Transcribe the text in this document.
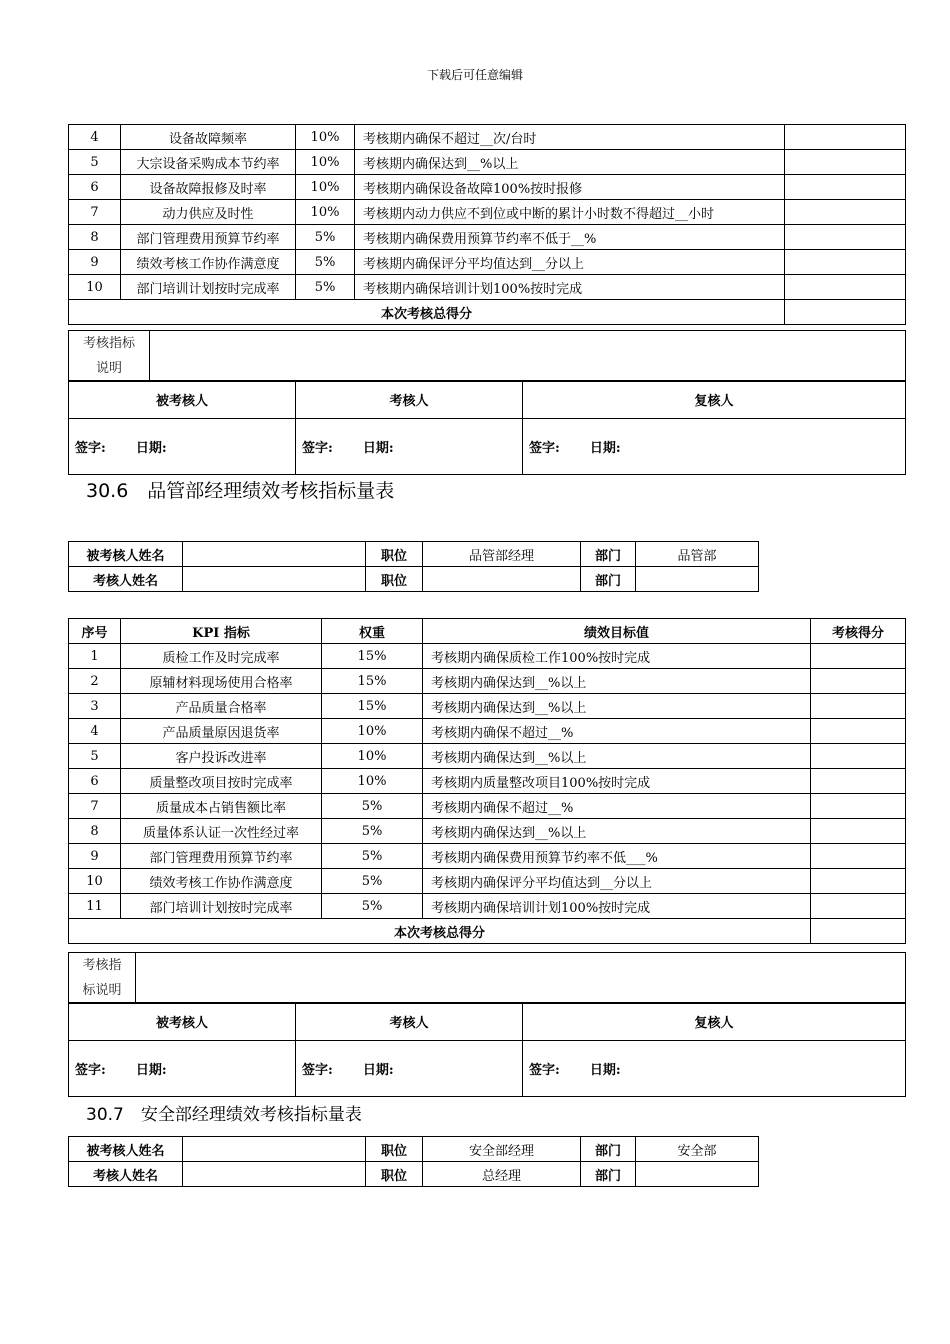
下载后可任意编辑
4	设备故障频率	10%	考核期内确保不超过__次/台时	
5	大宗设备采购成本节约率	10%	考核期内确保达到__%以上	
6	设备故障报修及时率	10%	考核期内确保设备故障100%按时报修	
7	动力供应及时性	10%	考核期内动力供应不到位或中断的累计小时数不得超过__小时	
8	部门管理费用预算节约率	5%	考核期内确保费用预算节约率不低于__%	
9	绩效考核工作协作满意度	5%	考核期内确保评分平均值达到__分以上	
10	部门培训计划按时完成率	5%	考核期内确保培训计划100%按时完成	
本次考核总得分				
考核指标
说明	
被考核人	考核人	复核人
签字: 日期:	签字: 日期:	签字: 日期:
30.6　品管部经理绩效考核指标量表
被考核人姓名		职位	品管部经理	部门	品管部
考核人姓名		职位		部门	
序号	KPI 指标	权重	绩效目标值	考核得分
1	质检工作及时完成率	15%	考核期内确保质检工作100%按时完成	
2	原辅材料现场使用合格率	15%	考核期内确保达到__%以上	
3	产品质量合格率	15%	考核期内确保达到__%以上	
4	产品质量原因退货率	10%	考核期内确保不超过__%	
5	客户投诉改进率	10%	考核期内确保达到__%以上	
6	质量整改项目按时完成率	10%	考核期内质量整改项目100%按时完成	
7	质量成本占销售额比率	5%	考核期内确保不超过__%	
8	质量体系认证一次性经过率	5%	考核期内确保达到__%以上	
9	部门管理费用预算节约率	5%	考核期内确保费用预算节约率不低___%	
10	绩效考核工作协作满意度	5%	考核期内确保评分平均值达到__分以上	
11	部门培训计划按时完成率	5%	考核期内确保培训计划100%按时完成	
本次考核总得分				
考核指
标说明	
被考核人	考核人	复核人
签字: 日期:	签字: 日期:	签字: 日期:
30.7　安全部经理绩效考核指标量表
被考核人姓名		职位	安全部经理	部门	安全部
考核人姓名		职位	总经理	部门	
